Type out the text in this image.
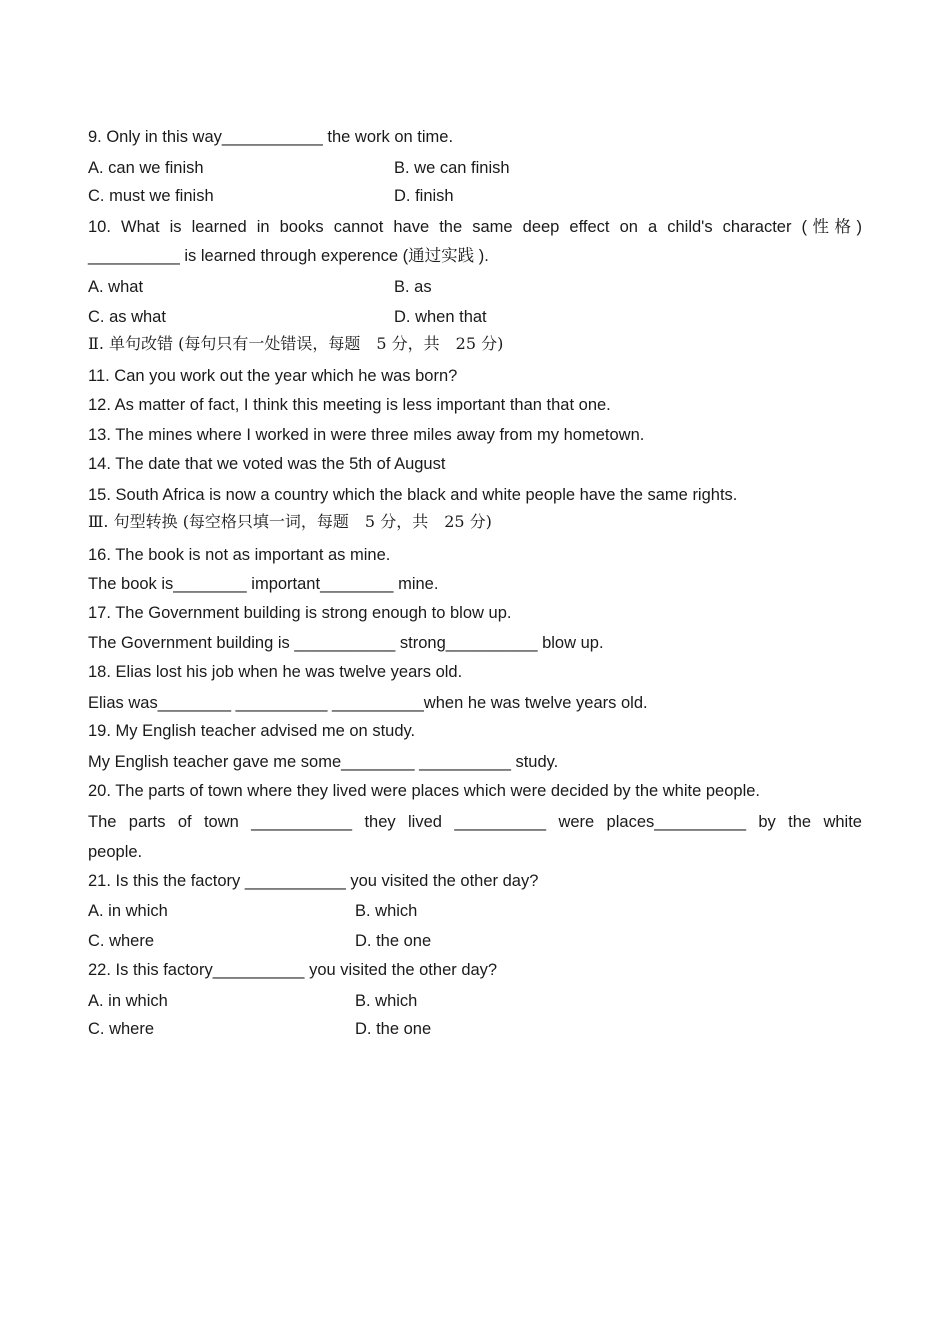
9. Only in this way___________ the work on time.
A. can we finish	B. we can finish
C. must we finish	D. finish
10. What is learned in books cannot have the same deep effect on a child's character (性格)
__________ is learned through experence (通过实践 ).
A. what	B. as
C. as what	D. when that
Ⅱ. 单句改错 (每句只有一处错误，每题　5 分，共　25 分)
11. Can you work out the year which he was born?
12. As matter of fact, I think this meeting is less important than that one.
13. The mines where I worked in were three miles away from my hometown.
14. The date that we voted was the 5th of August
15. South Africa is now a country which the black and white people have the same rights.
Ⅲ. 句型转换 (每空格只填一词，每题　5 分，共　25 分)
16. The book is not as important as mine.
The book is________ important________ mine.
17. The Government building is strong enough to blow up.
The Government building is ___________ strong__________ blow up.
18. Elias lost his job when he was twelve years old.
Elias was________ __________ __________when he was twelve years old.
19. My English teacher advised me on study.
My English teacher gave me some________ __________ study.
20. The parts of town where they lived were places which were decided by the white people.
The parts of town ___________ they lived __________ were places__________ by the white
people.
21. Is this the factory ___________ you visited the other day?
A. in which	B. which
C. where	D. the one
22. Is this factory__________ you visited the other day?
A. in which	B. which
C. where	D. the one
